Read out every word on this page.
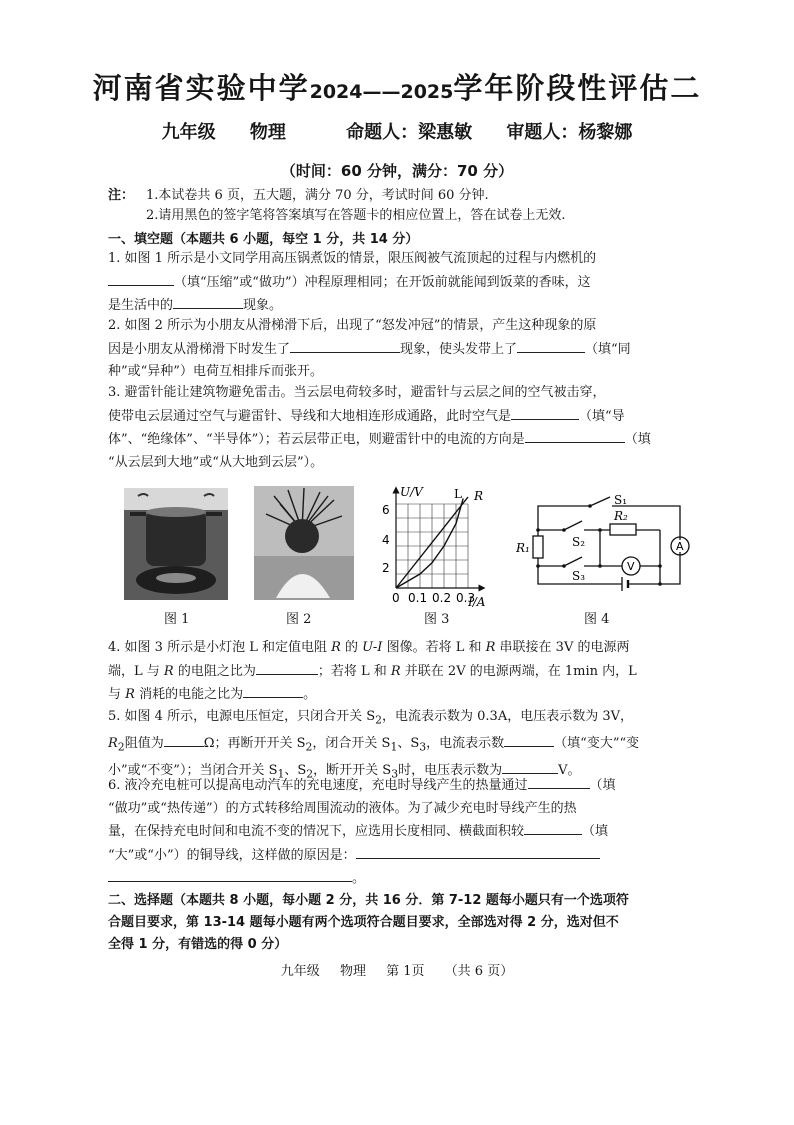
河南省实验中学2024——2025学年阶段性评估二
九年级 物理	命题人：梁惠敏 审题人：杨黎娜
（时间：60 分钟，满分：70 分）
注： 1.本试卷共 6 页，五大题，满分 70 分，考试时间 60 分钟.
2.请用黑色的签字笔将答案填写在答题卡的相应位置上，答在试卷上无效.
一、填空题（本题共 6 小题，每空 1 分，共 14 分）
1. 如图 1 所示是小文同学用高压锅煮饭的情景，限压阀被气流顶起的过程与内燃机的
（填“压缩”或“做功”）冲程原理相同；在开饭前就能闻到饭菜的香味，这
是生活中的	现象。
2. 如图 2 所示为小朋友从滑梯滑下后，出现了“怒发冲冠”的情景，产生这种现象的原
因是小朋友从滑梯滑下时发生了	现象，使头发带上了	（填“同
种”或“异种”）电荷互相排斥而张开。
3. 避雷针能让建筑物避免雷击。当云层电荷较多时，避雷针与云层之间的空气被击穿，
使带电云层通过空气与避雷针、导线和大地相连形成通路，此时空气是	（填“导
体”、“绝缘体”、“半导体”）；若云层带正电，则避雷针中的电流的方向是	（填
“从云层到大地”或“从大地到云层”）。
U/V	L R
6
4
2
0 0.1 0.2 0.3
I/A
A
V
R₁
R₂
S₁
S₂
S₃
图 1	图 2	图 3	图 4
4. 如图 3 所示是小灯泡 L 和定值电阻 R 的 U-I 图像。若将 L 和 R 串联接在 3V 的电源两
端，L 与 R 的电阻之比为	；若将 L 和 R 并联在 2V 的电源两端，在 1min 内，L
与 R 消耗的电能之比为	。
5. 如图 4 所示，电源电压恒定，只闭合开关 $S_2$，电流表示数为 0.3A，电压表示数为 3V，
$R_2$阻值为	Ω；再断开开关 $S_2$，闭合开关 $S_1$、$S_3$，电流表示数	（填“变大”“变
小”或“不变”）；当闭合开关 $S_1$、$S_2$，断开开关 $S_3$时，电压表示数为	V。
6. 液冷充电桩可以提高电动汽车的充电速度，充电时导线产生的热量通过	（填
“做功”或“热传递”）的方式转移给周围流动的液体。为了减少充电时导线产生的热
量，在保持充电时间和电流不变的情况下，应选用长度相同、横截面积较	（填
“大”或“小”）的铜导线，这样做的原因是：
。
二、选择题（本题共 8 小题，每小题 2 分，共 16 分．第 7-12 题每小题只有一个选项符
合题目要求，第 13-14 题每小题有两个选项符合题目要求，全部选对得 2 分，选对但不
全得 1 分，有错选的得 0 分）
九年级 物理 第 1页 （共 6 页）
